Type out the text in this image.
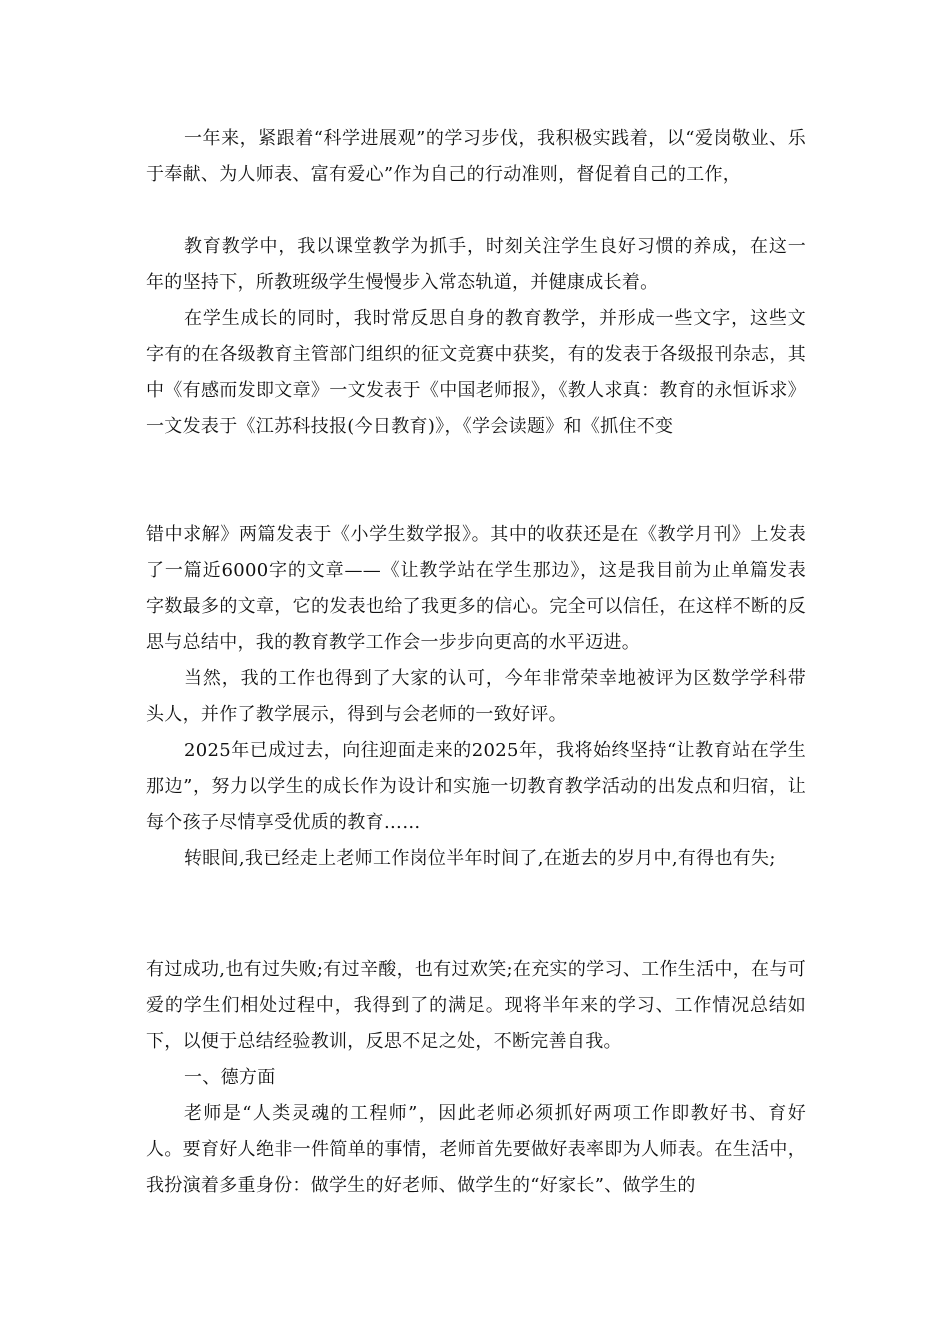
一年来，紧跟着“科学进展观”的学习步伐，我积极实践着，以“爱岗敬业、乐于奉献、为人师表、富有爱心”作为自己的行动准则，督促着自己的工作，

教育教学中，我以课堂教学为抓手，时刻关注学生良好习惯的养成，在这一年的坚持下，所教班级学生慢慢步入常态轨道，并健康成长着。

在学生成长的同时，我时常反思自身的教育教学，并形成一些文字，这些文字有的在各级教育主管部门组织的征文竞赛中获奖，有的发表于各级报刊杂志，其中《有感而发即文章》一文发表于《中国老师报》，《教人求真：教育的永恒诉求》一文发表于《江苏科技报(今日教育)》，《学会读题》和《抓住不变

错中求解》两篇发表于《小学生数学报》。其中的收获还是在《教学月刊》上发表了一篇近6000字的文章——《让教学站在学生那边》，这是我目前为止单篇发表字数最多的文章，它的发表也给了我更多的信心。完全可以信任，在这样不断的反思与总结中，我的教育教学工作会一步步向更高的水平迈进。

当然，我的工作也得到了大家的认可，今年非常荣幸地被评为区数学学科带头人，并作了教学展示，得到与会老师的一致好评。

2025年已成过去，向往迎面走来的2025年，我将始终坚持“让教育站在学生那边”，努力以学生的成长作为设计和实施一切教育教学活动的出发点和归宿，让每个孩子尽情享受优质的教育……

转眼间,我已经走上老师工作岗位半年时间了,在逝去的岁月中,有得也有失;

有过成功,也有过失败;有过辛酸，也有过欢笑;在充实的学习、工作生活中，在与可爱的学生们相处过程中，我得到了的满足。现将半年来的学习、工作情况总结如下，以便于总结经验教训，反思不足之处，不断完善自我。

一、德方面

老师是“人类灵魂的工程师”，因此老师必须抓好两项工作即教好书、育好人。要育好人绝非一件简单的事情，老师首先要做好表率即为人师表。在生活中，我扮演着多重身份：做学生的好老师、做学生的“好家长”、做学生的
